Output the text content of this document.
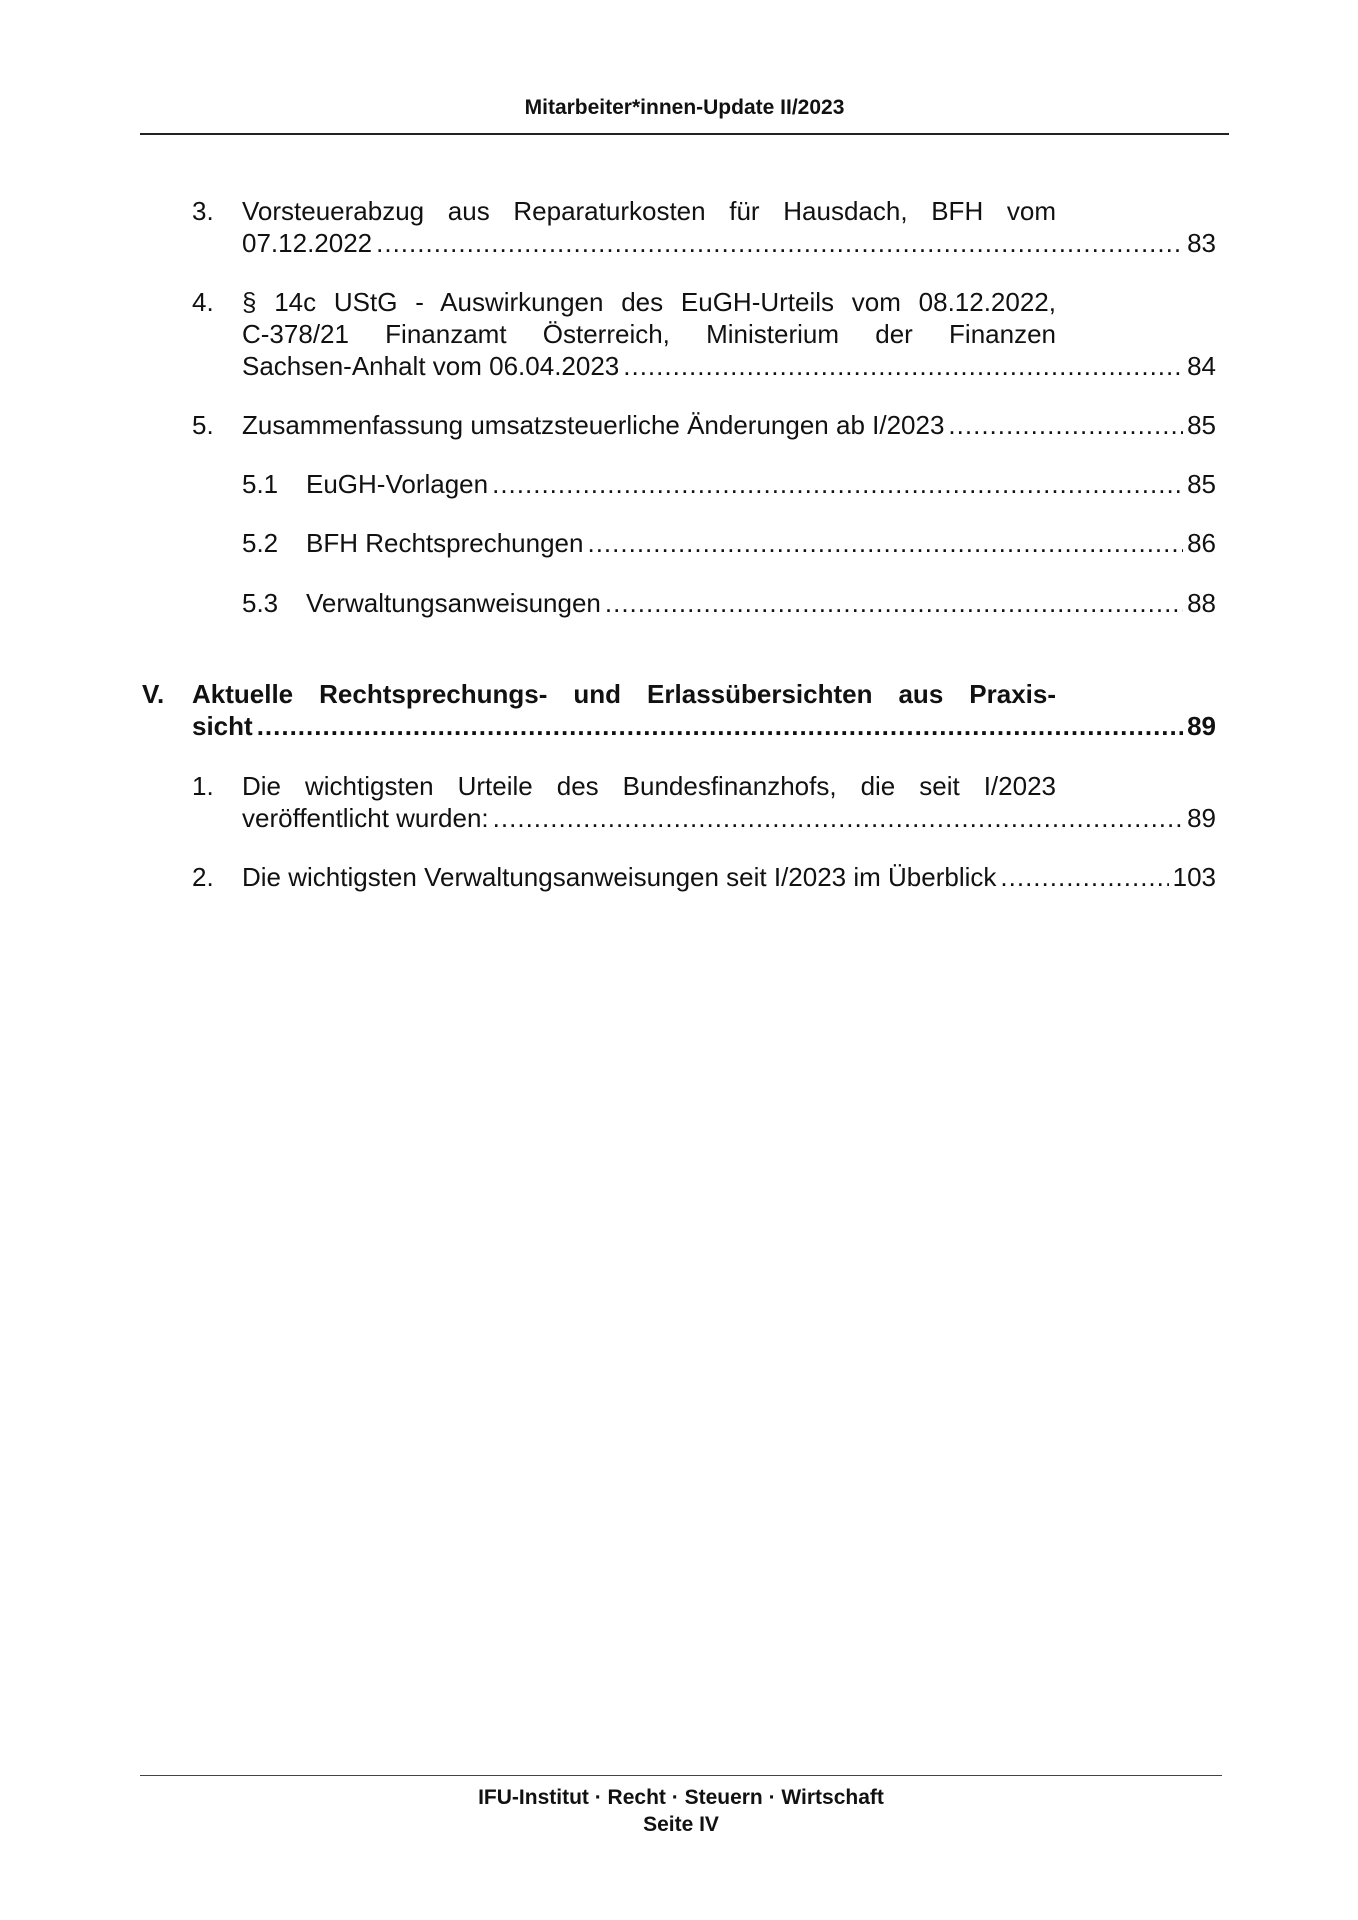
Mitarbeiter*innen-Update II/2023
3. Vorsteuerabzug aus Reparaturkosten für Hausdach, BFH vom
07.12.2022 .....	83
4. § 14c UStG - Auswirkungen des EuGH-Urteils vom 08.12.2022,
C-378/21 Finanzamt Österreich, Ministerium der Finanzen
Sachsen-Anhalt vom 06.04.2023 .....	84
5. Zusammenfassung umsatzsteuerliche Änderungen ab I/2023 .....	85
5.1 EuGH-Vorlagen .....	85
5.2 BFH Rechtsprechungen .....	86
5.3 Verwaltungsanweisungen .....	88
V. Aktuelle Rechtsprechungs- und Erlassübersichten aus Praxis-
sicht .....	89
1. Die wichtigsten Urteile des Bundesfinanzhofs, die seit I/2023
veröffentlicht wurden: .....	89
2. Die wichtigsten Verwaltungsanweisungen seit I/2023 im Überblick .....	103
IFU-Institut · Recht · Steuern · Wirtschaft
Seite IV
